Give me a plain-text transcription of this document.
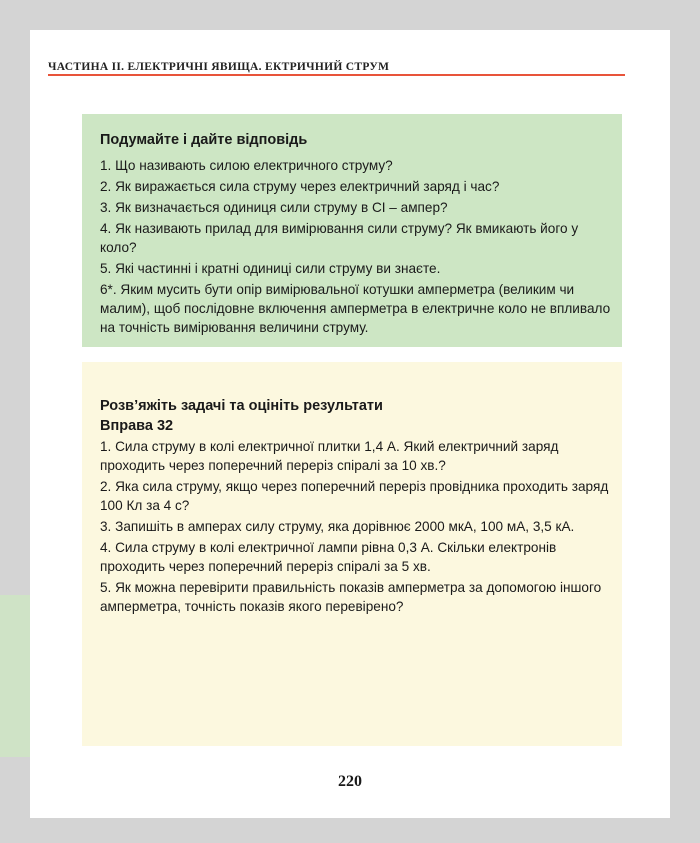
ЧАСТИНА ІІ. ЕЛЕКТРИЧНІ ЯВИЩА. ЕКТРИЧНИЙ СТРУМ
Подумайте і дайте відповідь
1. Що називають силою електричного струму?
2. Як виражається сила струму через електричний заряд і час?
3. Як визначається одиниця сили струму в СІ – ампер?
4. Як називають прилад для вимірювання сили струму? Як вмикають його у коло?
5. Які частинні і кратні одиниці сили струму ви знаєте.
6*. Яким мусить бути опір вимірювальної котушки амперметра (великим чи малим), щоб послідовне включення амперметра в електричне коло не впливало на точність вимірювання величини струму.
Розв’яжіть задачі та оцініть результати
Вправа 32
1. Сила струму в колі електричної плитки 1,4 А. Який електричний заряд проходить через поперечний переріз спіралі за 10 хв.?
2. Яка сила струму, якщо через поперечний переріз провідника проходить заряд 100 Кл за 4 с?
3. Запишіть в амперах силу струму, яка дорівнює 2000 мкА, 100 мА, 3,5 кА.
4. Сила струму в колі електричної лампи рівна 0,3 А. Скільки електронів проходить через поперечний переріз спіралі за 5 хв.
5. Як можна перевірити правильність показів амперметра за допомогою іншого амперметра, точність показів якого перевірено?
220
